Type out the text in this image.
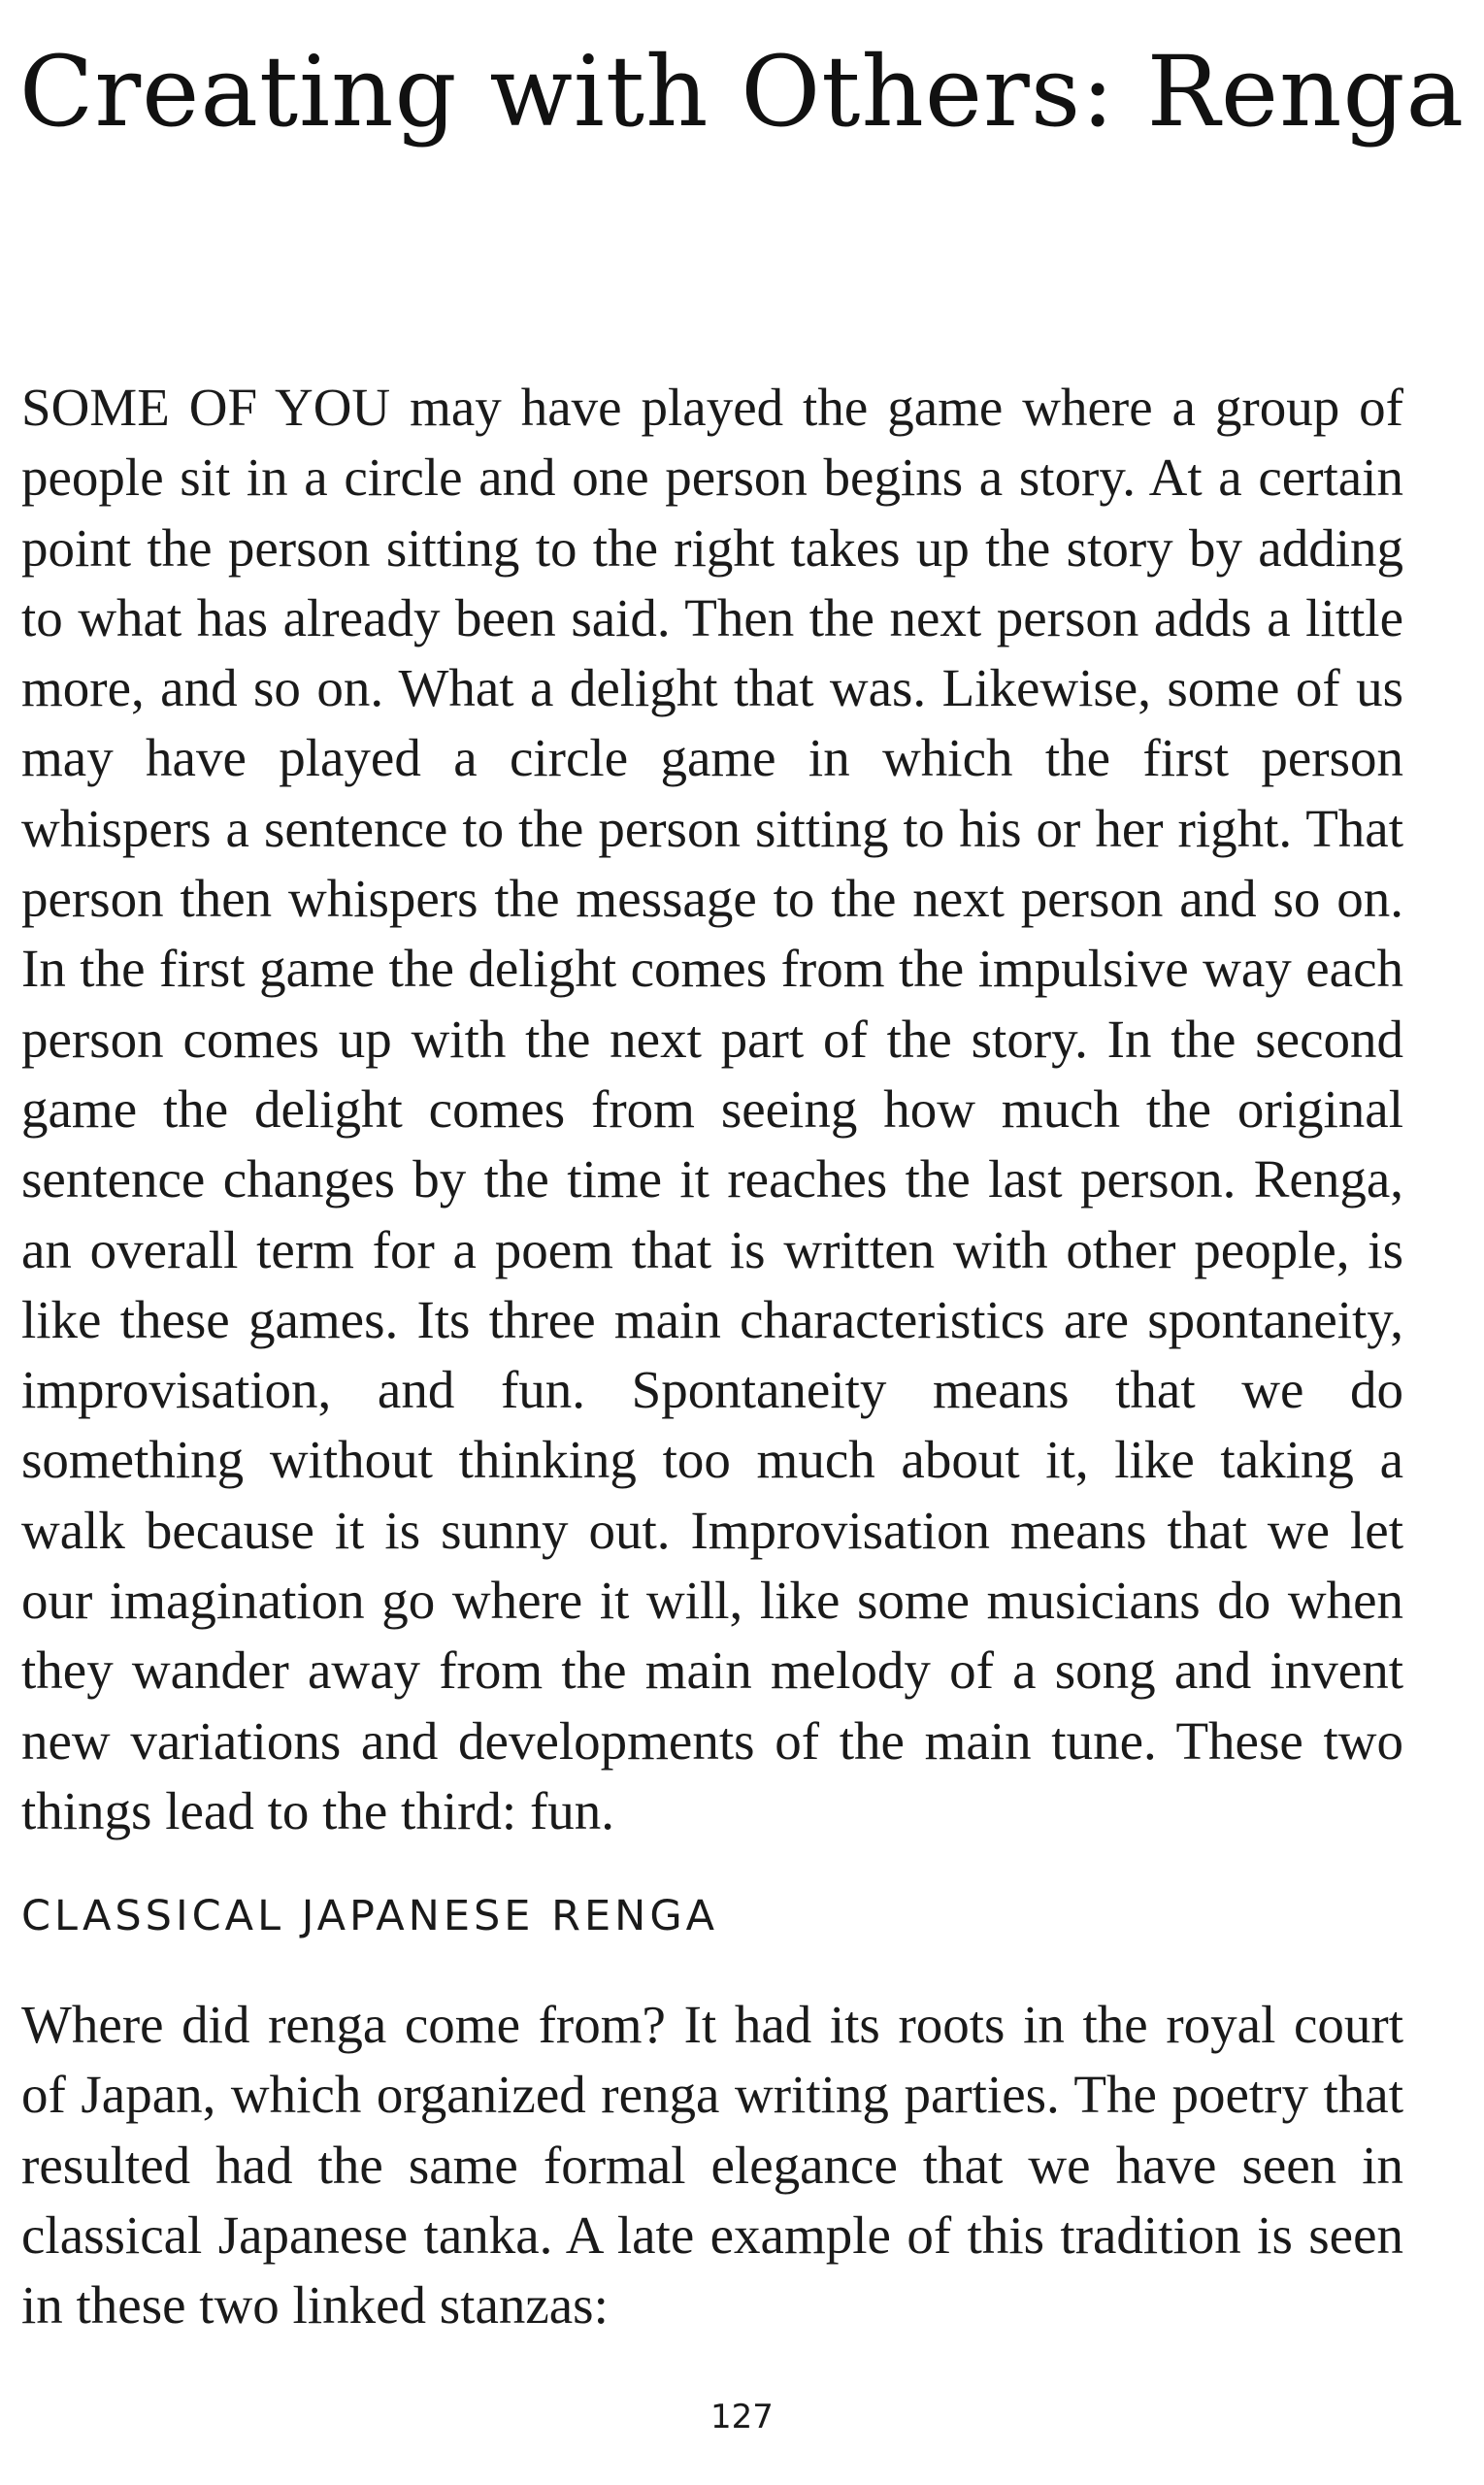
Creating with Others: Renga

SOME OF YOU may have played the game where a group of people sit in a circle and one person begins a story. At a certain point the person sitting to the right takes up the story by adding to what has already been said. Then the next person adds a little more, and so on. What a delight that was. Likewise, some of us may have played a circle game in which the first person whispers a sentence to the person sitting to his or her right. That person then whispers the message to the next person and so on. In the first game the delight comes from the impulsive way each person comes up with the next part of the story. In the second game the delight comes from seeing how much the original sentence changes by the time it reaches the last person. Renga, an overall term for a poem that is written with other people, is like these games. Its three main characteristics are spontaneity, improvisation, and fun. Spontaneity means that we do something without thinking too much about it, like taking a walk because it is sunny out. Improvisation means that we let our imagination go where it will, like some musicians do when they wander away from the main melody of a song and invent new variations and developments of the main tune. These two things lead to the third: fun.

CLASSICAL JAPANESE RENGA

Where did renga come from? It had its roots in the royal court of Japan, which organized renga writing parties. The poetry that resulted had the same formal elegance that we have seen in classical Japanese tanka. A late example of this tradition is seen in these two linked stanzas:

127
